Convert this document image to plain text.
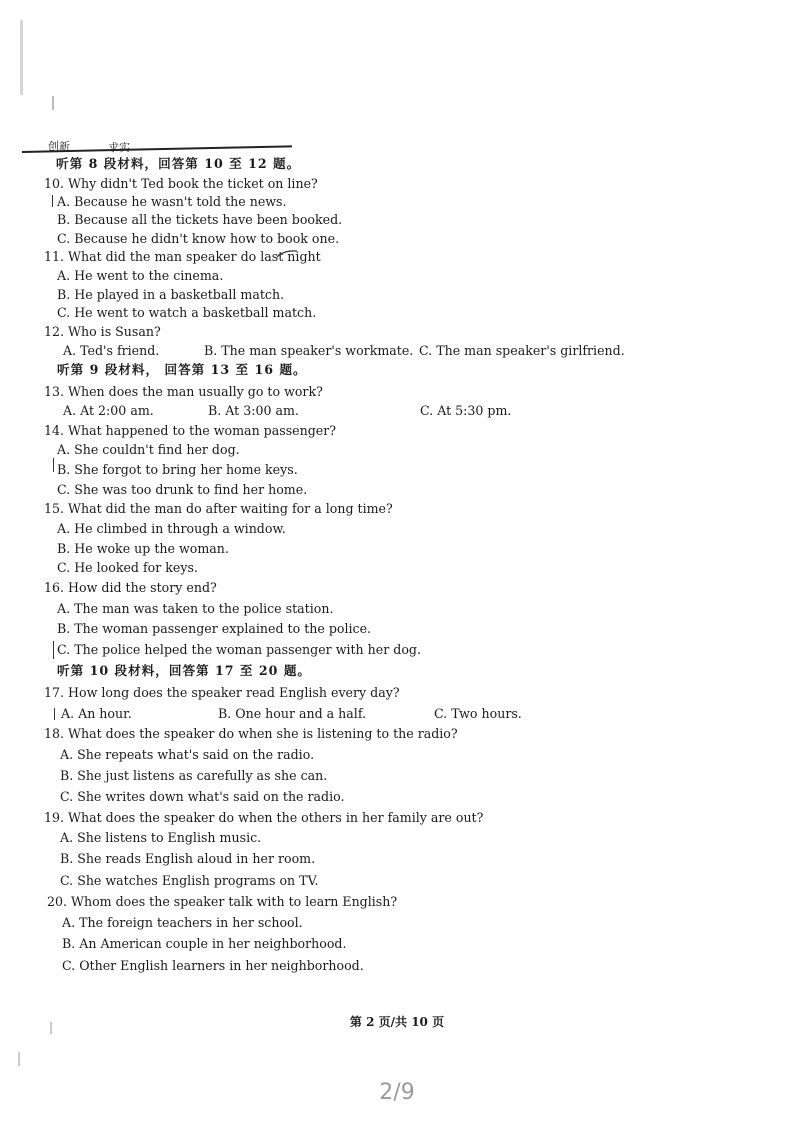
创新	求实
听第 8 段材料，回答第 10 至 12 题。
10. Why didn't Ted book the ticket on line?
A. Because he wasn't told the news.
B. Because all the tickets have been booked.
C. Because he didn't know how to book one.
11. What did the man speaker do last night
A. He went to the cinema.
B. He played in a basketball match.
C. He went to watch a basketball match.
12. Who is Susan?
听第 9 段材料， 回答第 13 至 16 题。
13. When does the man usually go to work?
14. What happened to the woman passenger?
A. She couldn't find her dog.
B. She forgot to bring her home keys.
C. She was too drunk to find her home.
15. What did the man do after waiting for a long time?
A. He climbed in through a window.
B. He woke up the woman.
C. He looked for keys.
16. How did the story end?
A. The man was taken to the police station.
B. The woman passenger explained to the police.
C. The police helped the woman passenger with her dog.
听第 10 段材料，回答第 17 至 20 题。
17. How long does the speaker read English every day?
18. What does the speaker do when she is listening to the radio?
A. She repeats what's said on the radio.
B. She just listens as carefully as she can.
C. She writes down what's said on the radio.
19. What does the speaker do when the others in her family are out?
A. She listens to English music.
B. She reads English aloud in her room.
C. She watches English programs on TV.
20. Whom does the speaker talk with to learn English?
A. The foreign teachers in her school.
B. An American couple in her neighborhood.
C. Other English learners in her neighborhood.
A. Ted's friend.	B. The man speaker's workmate. C. The man speaker's girlfriend.
A. At 2:00 am.	B. At 3:00 am.	C. At 5:30 pm.
A. An hour.	B. One hour and a half.	C. Two hours.
第 2 页/共 10 页
2/9
